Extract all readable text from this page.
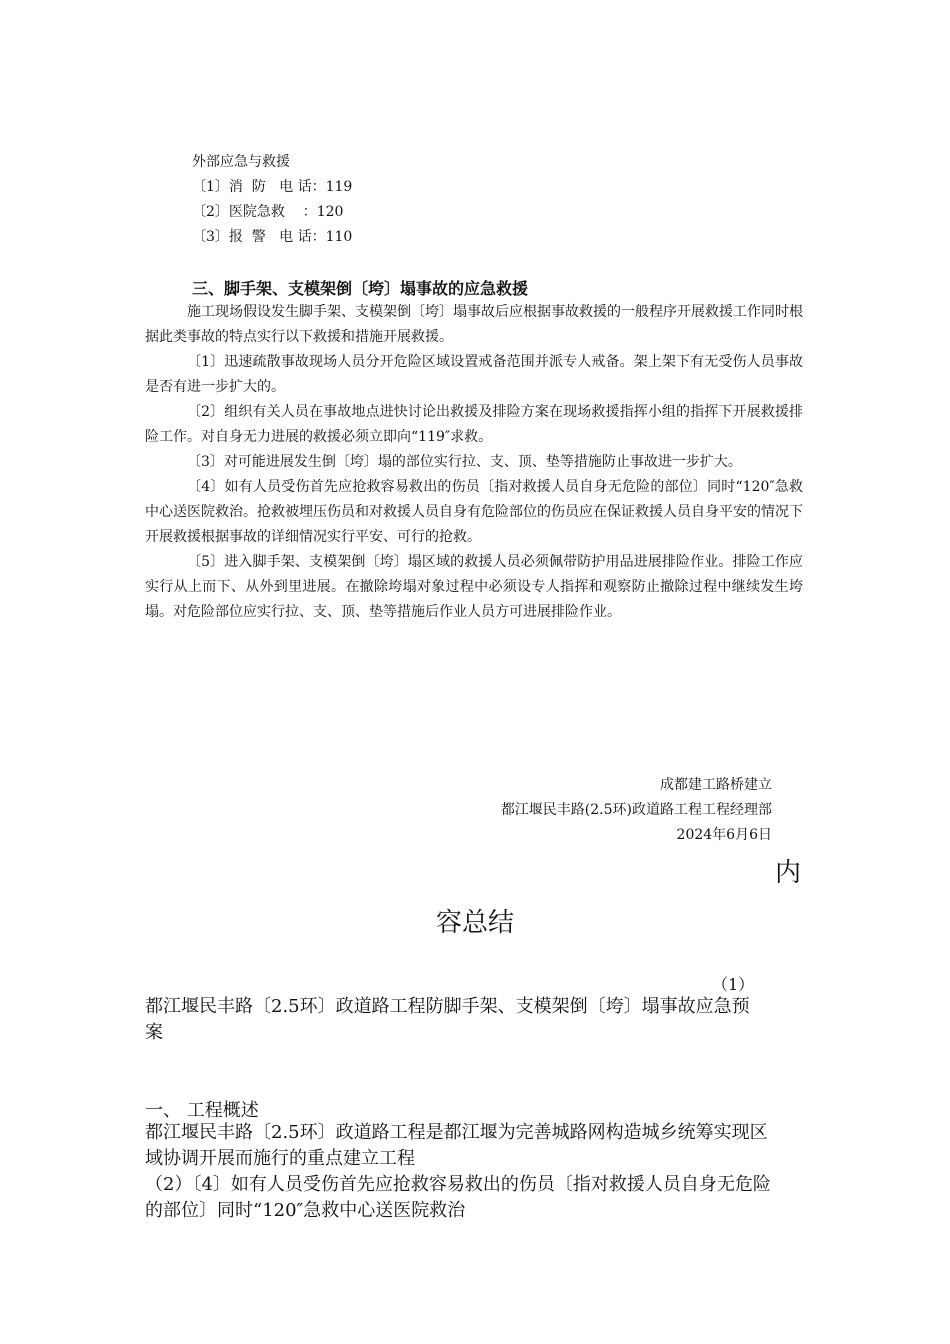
外部应急与救援
〔1〕消  防   电 话：119
〔2〕医院急救    ：120
〔3〕报  警   电 话：110
三、脚手架、支模架倒〔垮〕塌事故的应急救援

施工现场假设发生脚手架、支模架倒〔垮〕塌事故后应根据事故救援的一般程序开展救援工作同时根据此类事故的特点实行以下救援和措施开展救援。

〔1〕迅速疏散事故现场人员分开危险区域设置戒备范围并派专人戒备。架上架下有无受伤人员事故是否有进一步扩大的。

〔2〕组织有关人员在事故地点进快讨论出救援及排险方案在现场救援指挥小组的指挥下开展救援排险工作。对自身无力进展的救援必须立即向“119″求救。

〔3〕对可能进展发生倒〔垮〕塌的部位实行拉、支、顶、垫等措施防止事故进一步扩大。

〔4〕如有人员受伤首先应抢救容易救出的伤员〔指对救援人员自身无危险的部位〕同时“120″急救中心送医院救治。抢救被埋压伤员和对救援人员自身有危险部位的伤员应在保证救援人员自身平安的情况下开展救援根据事故的详细情况实行平安、可行的抢救。

〔5〕进入脚手架、支模架倒〔垮〕塌区域的救援人员必须佩带防护用品进展排险作业。排险工作应实行从上而下、从外到里进展。在撤除垮塌对象过程中必须设专人指挥和观察防止撤除过程中继续发生垮塌。对危险部位应实行拉、支、顶、垫等措施后作业人员方可进展排险作业。

成都建工路桥建立
都江堰民丰路(2.5环)政道路工程工程经理部
2024年6月6日
内
容总结
（1）
都江堰民丰路〔2.5环〕政道路工程防脚手架、支模架倒〔垮〕塌事故应急预案
一、 工程概述

都江堰民丰路〔2.5环〕政道路工程是都江堰为完善城路网构造城乡统筹实现区域协调开展而施行的重点建立工程

（2）〔4〕如有人员受伤首先应抢救容易救出的伤员〔指对救援人员自身无危险的部位〕同时“120″急救中心送医院救治
